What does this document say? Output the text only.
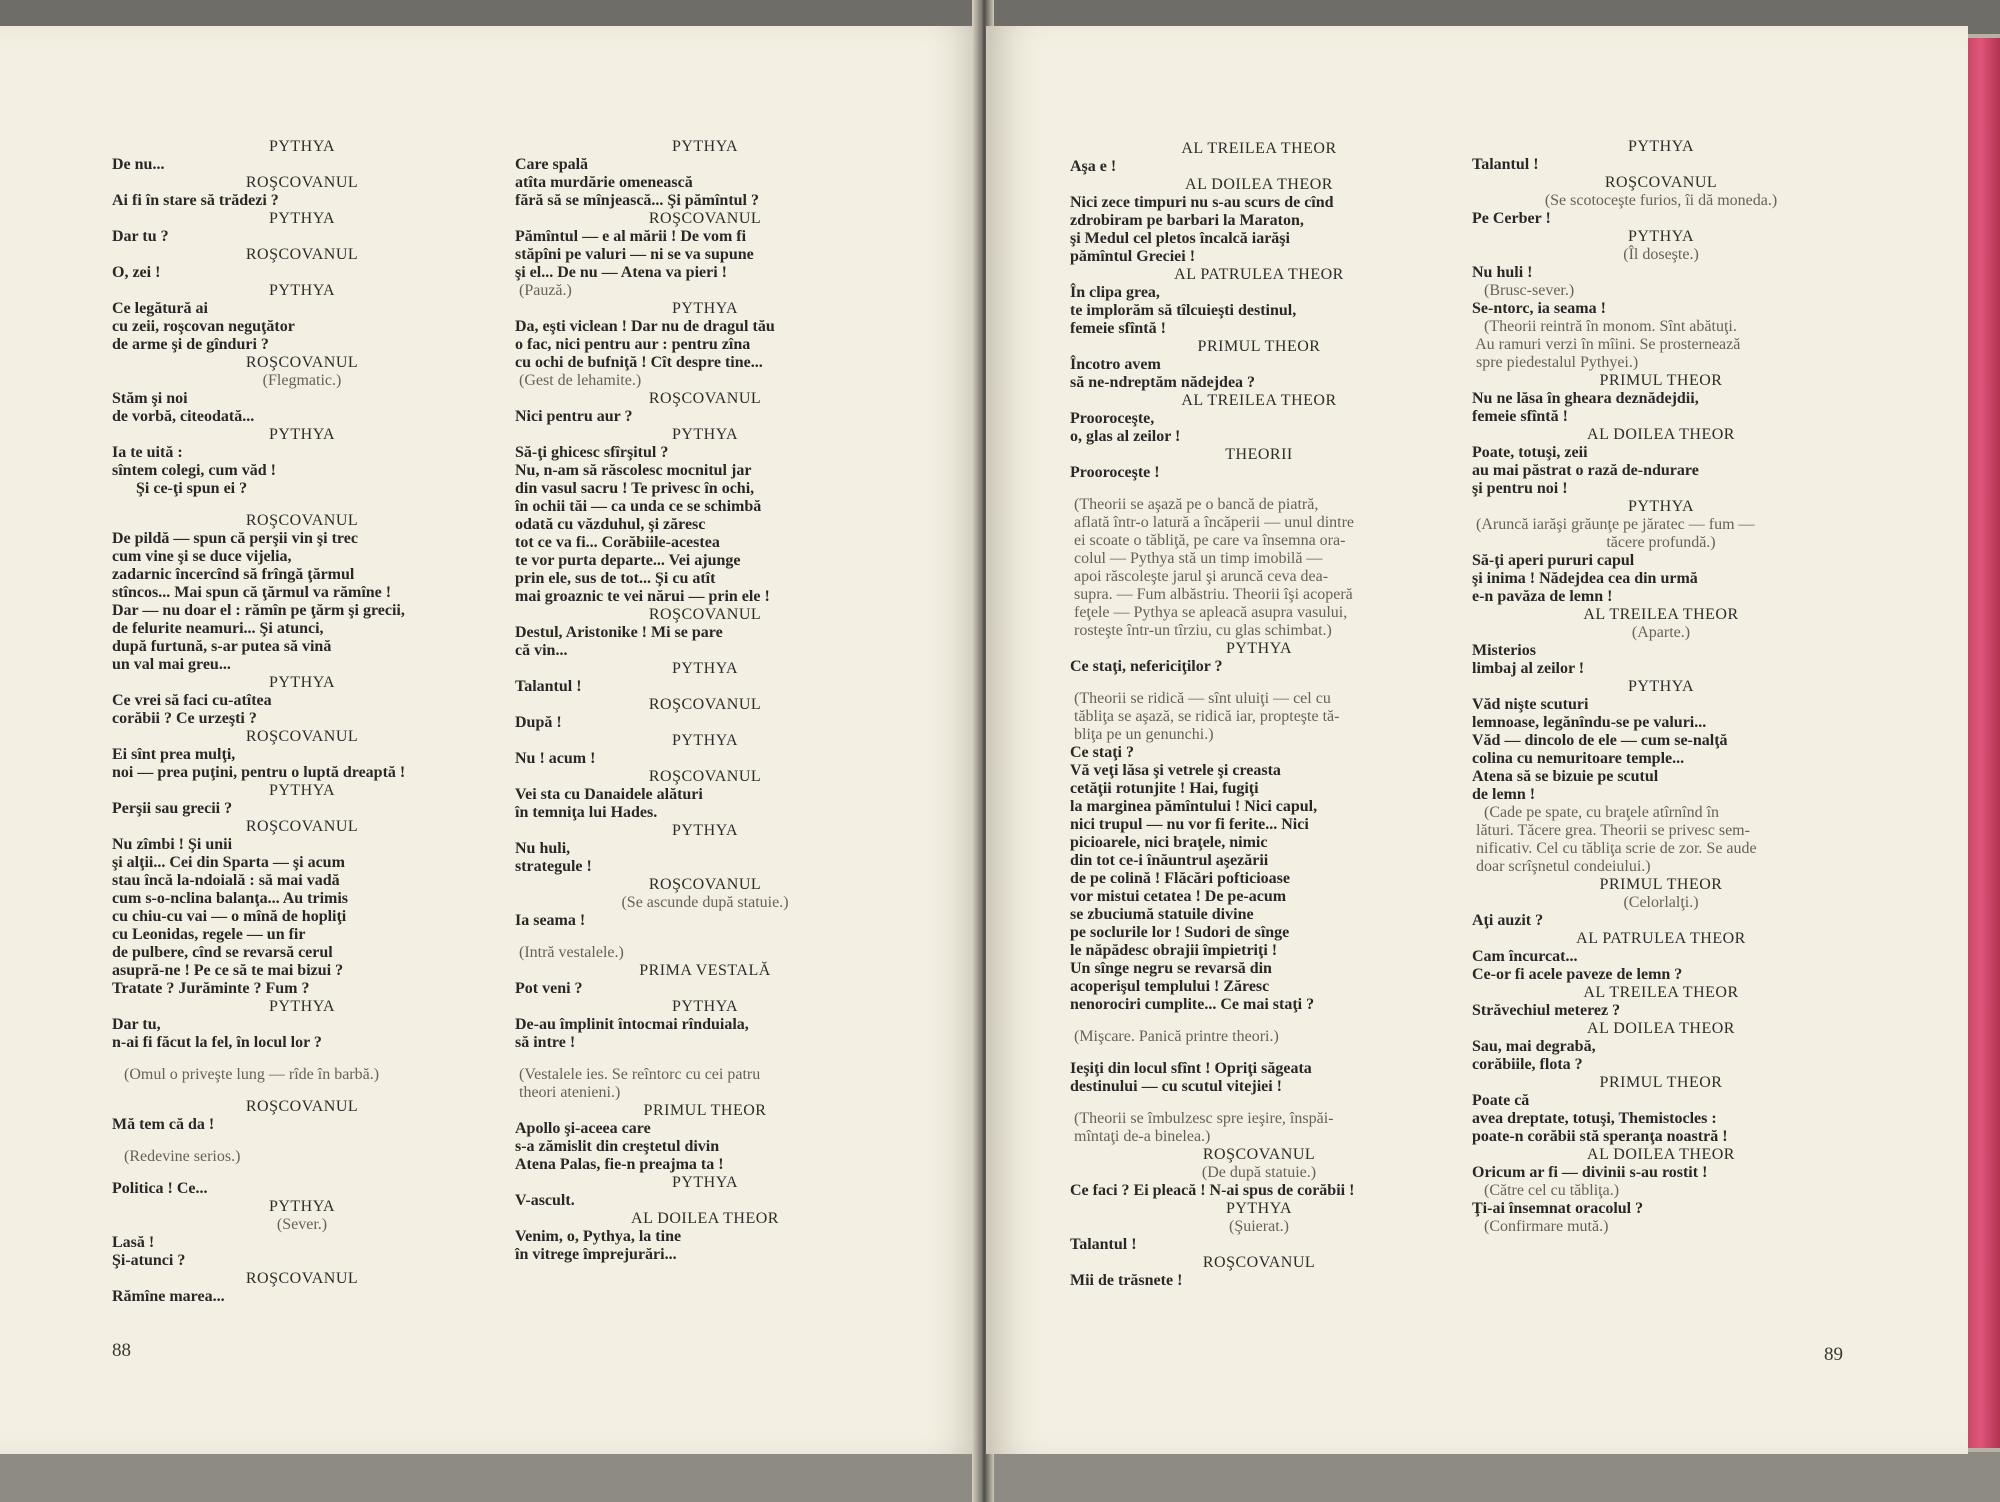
PYTHYA
De nu...
ROŞCOVANUL
Ai fi în stare să trădezi ?
PYTHYA
Dar tu ?
ROŞCOVANUL
O, zei !
PYTHYA
Ce legătură ai
cu zeii, roşcovan neguţător
de arme şi de gînduri ?
ROŞCOVANUL
(Flegmatic.)
Stăm şi noi
de vorbă, citeodată...
PYTHYA
Ia te uită :
sîntem colegi, cum văd !
Şi ce-ţi spun ei ?
ROŞCOVANUL
De pildă — spun că perşii vin şi trec
cum vine şi se duce vijelia,
zadarnic încercînd să frîngă ţărmul
stîncos... Mai spun că ţărmul va rămîne !
Dar — nu doar el : rămîn pe ţărm şi grecii,
de felurite neamuri... Şi atunci,
după furtună, s-ar putea să vină
un val mai greu...
PYTHYA
Ce vrei să faci cu-atîtea
corăbii ? Ce urzeşti ?
ROŞCOVANUL
Ei sînt prea mulţi,
noi — prea puţini, pentru o luptă dreaptă !
PYTHYA
Perşii sau grecii ?
ROŞCOVANUL
Nu zîmbi ! Şi unii
şi alţii... Cei din Sparta — şi acum
stau încă la-ndoială : să mai vadă
cum s-o-nclina balanţa... Au trimis
cu chiu-cu vai — o mînă de hopliţi
cu Leonidas, regele — un fir
de pulbere, cînd se revarsă cerul
asupră-ne ! Pe ce să te mai bizui ?
Tratate ? Jurăminte ? Fum ?
PYTHYA
Dar tu,
n-ai fi făcut la fel, în locul lor ?
(Omul o priveşte lung — rîde în barbă.)
ROŞCOVANUL
Mă tem că da !
(Redevine serios.)
Politica ! Ce...
PYTHYA
(Sever.)
Lasă !
Şi-atunci ?
ROŞCOVANUL
Rămîne marea...
PYTHYA
Care spală
atîta murdărie omenească
fără să se mînjească... Şi pămîntul ?
ROŞCOVANUL
Pămîntul — e al mării ! De vom fi
stăpîni pe valuri — ni se va supune
şi el... De nu — Atena va pieri !
(Pauză.)
PYTHYA
Da, eşti viclean ! Dar nu de dragul tău
o fac, nici pentru aur : pentru zîna
cu ochi de bufniţă ! Cît despre tine...
(Gest de lehamite.)
ROŞCOVANUL
Nici pentru aur ?
PYTHYA
Să-ţi ghicesc sfîrşitul ?
Nu, n-am să răscolesc mocnitul jar
din vasul sacru ! Te privesc în ochi,
în ochii tăi — ca unda ce se schimbă
odată cu văzduhul, şi zăresc
tot ce va fi... Corăbiile-acestea
te vor purta departe... Vei ajunge
prin ele, sus de tot... Şi cu atît
mai groaznic te vei nărui — prin ele !
ROŞCOVANUL
Destul, Aristonike ! Mi se pare
că vin...
PYTHYA
Talantul !
ROŞCOVANUL
După !
PYTHYA
Nu ! acum !
ROŞCOVANUL
Vei sta cu Danaidele alături
în temniţa lui Hades.
PYTHYA
Nu huli,
strategule !
ROŞCOVANUL
(Se ascunde după statuie.)
Ia seama !
(Intră vestalele.)
PRIMA VESTALĂ
Pot veni ?
PYTHYA
De-au împlinit întocmai rînduiala,
să intre !
(Vestalele ies. Se reîntorc cu cei patru
theori atenieni.)
PRIMUL THEOR
Apollo şi-aceea care
s-a zămislit din creştetul divin
Atena Palas, fie-n preajma ta !
PYTHYA
V-ascult.
AL DOILEA THEOR
Venim, o, Pythya, la tine
în vitrege împrejurări...
88
AL TREILEA THEOR
Aşa e !
AL DOILEA THEOR
Nici zece timpuri nu s-au scurs de cînd
zdrobiram pe barbari la Maraton,
şi Medul cel pletos încalcă iarăşi
pămîntul Greciei !
AL PATRULEA THEOR
În clipa grea,
te implorăm să tîlcuieşti destinul,
femeie sfîntă !
PRIMUL THEOR
Încotro avem
să ne-ndreptăm nădejdea ?
AL TREILEA THEOR
Prooroceşte,
o, glas al zeilor !
THEORII
Prooroceşte !
(Theorii se aşază pe o bancă de piatră,
aflată într-o latură a încăperii — unul dintre
ei scoate o tăbliţă, pe care va însemna ora-
colul — Pythya stă un timp imobilă —
apoi răscoleşte jarul şi aruncă ceva dea-
supra. — Fum albăstriu. Theorii îşi acoperă
feţele — Pythya se apleacă asupra vasului,
rosteşte într-un tîrziu, cu glas schimbat.)
PYTHYA
Ce staţi, nefericiţilor ?
(Theorii se ridică — sînt uluiţi — cel cu
tăbliţa se aşază, se ridică iar, propteşte tă-
bliţa pe un genunchi.)
Ce staţi ?
Vă veţi lăsa şi vetrele şi creasta
cetăţii rotunjite ! Hai, fugiţi
la marginea pămîntului ! Nici capul,
nici trupul — nu vor fi ferite... Nici
picioarele, nici braţele, nimic
din tot ce-i înăuntrul aşezării
de pe colină ! Flăcări pofticioase
vor mistui cetatea ! De pe-acum
se zbuciumă statuile divine
pe soclurile lor ! Sudori de sînge
le năpădesc obrajii împietriţi !
Un sînge negru se revarsă din
acoperişul templului ! Zăresc
nenorociri cumplite... Ce mai staţi ?
(Mişcare. Panică printre theori.)
Ieşiţi din locul sfînt ! Opriţi săgeata
destinului — cu scutul vitejiei !
(Theorii se îmbulzesc spre ieşire, înspăi-
mîntaţi de-a binelea.)
ROŞCOVANUL
(De după statuie.)
Ce faci ? Ei pleacă ! N-ai spus de corăbii !
PYTHYA
(Şuierat.)
Talantul !
ROŞCOVANUL
Mii de trăsnete !
PYTHYA
Talantul !
ROŞCOVANUL
(Se scotoceşte furios, îi dă moneda.)
Pe Cerber !
PYTHYA
(Îl doseşte.)
Nu huli !
(Brusc-sever.)
Se-ntorc, ia seama !
(Theorii reintră în monom. Sînt abătuţi.
Au ramuri verzi în mîini. Se prosternează
spre piedestalul Pythyei.)
PRIMUL THEOR
Nu ne lăsa în gheara deznădejdii,
femeie sfîntă !
AL DOILEA THEOR
Poate, totuşi, zeii
au mai păstrat o rază de-ndurare
şi pentru noi !
PYTHYA
(Aruncă iarăşi grăunţe pe jăratec — fum —
tăcere profundă.)
Să-ţi aperi pururi capul
şi inima ! Nădejdea cea din urmă
e-n pavăza de lemn !
AL TREILEA THEOR
(Aparte.)
Misterios
limbaj al zeilor !
PYTHYA
Văd nişte scuturi
lemnoase, legănîndu-se pe valuri...
Văd — dincolo de ele — cum se-nalţă
colina cu nemuritoare temple...
Atena să se bizuie pe scutul
de lemn !
(Cade pe spate, cu braţele atîrnînd în
lături. Tăcere grea. Theorii se privesc sem-
nificativ. Cel cu tăbliţa scrie de zor. Se aude
doar scrîşnetul condeiului.)
PRIMUL THEOR
(Celorlalţi.)
Aţi auzit ?
AL PATRULEA THEOR
Cam încurcat...
Ce-or fi acele paveze de lemn ?
AL TREILEA THEOR
Străvechiul meterez ?
AL DOILEA THEOR
Sau, mai degrabă,
corăbiile, flota ?
PRIMUL THEOR
Poate că
avea dreptate, totuşi, Themistocles :
poate-n corăbii stă speranţa noastră !
AL DOILEA THEOR
Oricum ar fi — divinii s-au rostit !
(Către cel cu tăbliţa.)
Ţi-ai însemnat oracolul ?
(Confirmare mută.)
89
